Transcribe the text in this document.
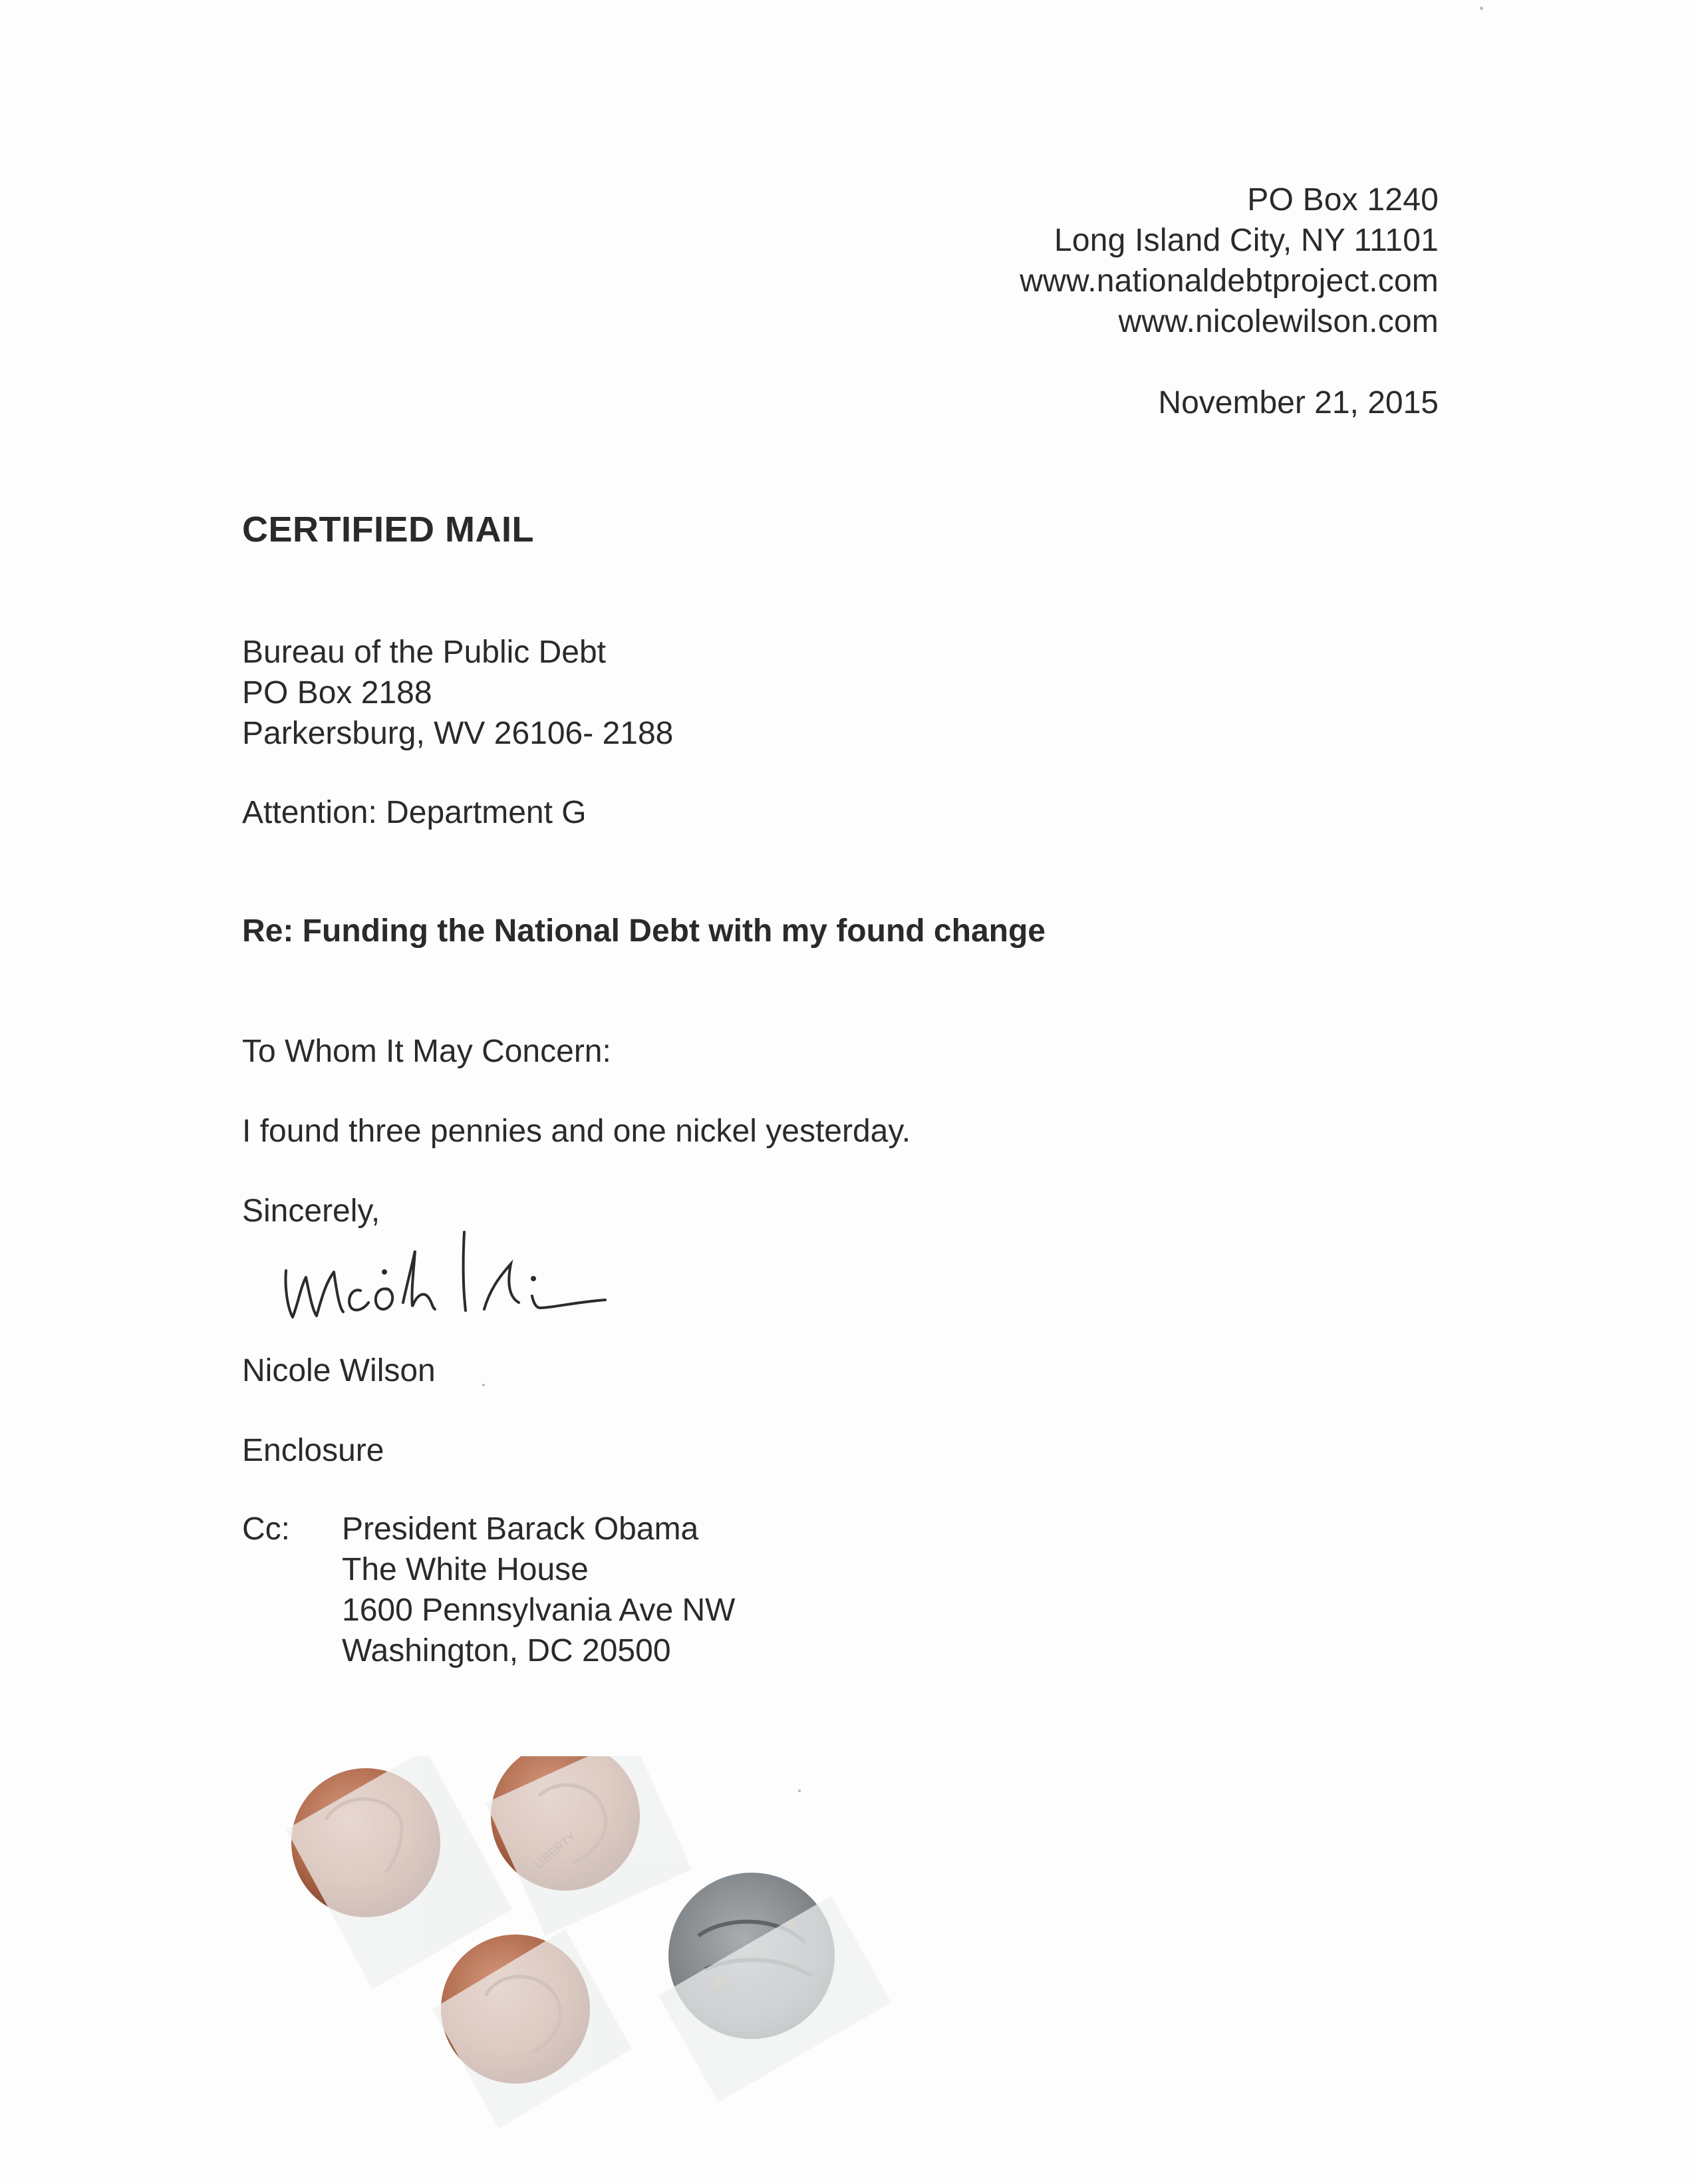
PO Box 1240
Long Island City, NY 11101
www.nationaldebtproject.com
www.nicolewilson.com
November 21, 2015
CERTIFIED MAIL
Bureau of the Public Debt
PO Box 2188
Parkersburg, WV 26106- 2188
Attention: Department G
Re: Funding the National Debt with my found change
To Whom It May Concern:
I found three pennies and one nickel yesterday.
Sincerely,
Nicole Wilson
Enclosure
Cc: President Barack Obama
The White House
1600 Pennsylvania Ave NW
Washington, DC 20500
